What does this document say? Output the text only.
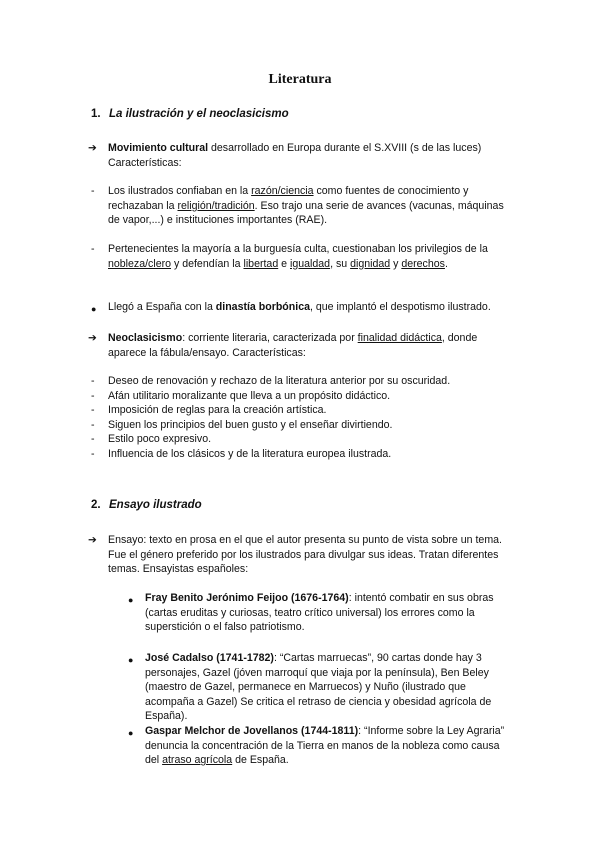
Literatura
1. La ilustración y el neoclasicismo
➔ Movimiento cultural desarrollado en Europa durante el S.XVIII (s de las luces)
Características:
- Los ilustrados confiaban en la razón/ciencia como fuentes de conocimiento y
rechazaban la religión/tradición. Eso trajo una serie de avances (vacunas, máquinas
de vapor,...) e instituciones importantes (RAE).
- Pertenecientes la mayoría a la burguesía culta, cuestionaban los privilegios de la
nobleza/clero y defendían la libertad e igualdad, su dignidad y derechos.
● Llegó a España con la dinastía borbónica, que implantó el despotismo ilustrado.
➔ Neoclasicismo: corriente literaria, caracterizada por finalidad didáctica, donde
aparece la fábula/ensayo. Características:
- Deseo de renovación y rechazo de la literatura anterior por su oscuridad.
- Afán utilitario moralizante que lleva a un propósito didáctico.
- Imposición de reglas para la creación artística.
- Siguen los principios del buen gusto y el enseñar divirtiendo.
- Estilo poco expresivo.
- Influencia de los clásicos y de la literatura europea ilustrada.
2. Ensayo ilustrado
➔ Ensayo: texto en prosa en el que el autor presenta su punto de vista sobre un tema.
Fue el género preferido por los ilustrados para divulgar sus ideas. Tratan diferentes
temas. Ensayistas españoles:
● Fray Benito Jerónimo Feijoo (1676-1764): intentó combatir en sus obras
(cartas eruditas y curiosas, teatro crítico universal) los errores como la
superstición o el falso patriotismo.
● José Cadalso (1741-1782): “Cartas marruecas”, 90 cartas donde hay 3
personajes, Gazel (jóven marroquí que viaja por la península), Ben Beley
(maestro de Gazel, permanece en Marruecos) y Nuño (ilustrado que
acompaña a Gazel) Se critica el retraso de ciencia y obesidad agrícola de
España).
● Gaspar Melchor de Jovellanos (1744-1811): “Informe sobre la Ley Agraria”
denuncia la concentración de la Tierra en manos de la nobleza como causa
del atraso agrícola de España.
